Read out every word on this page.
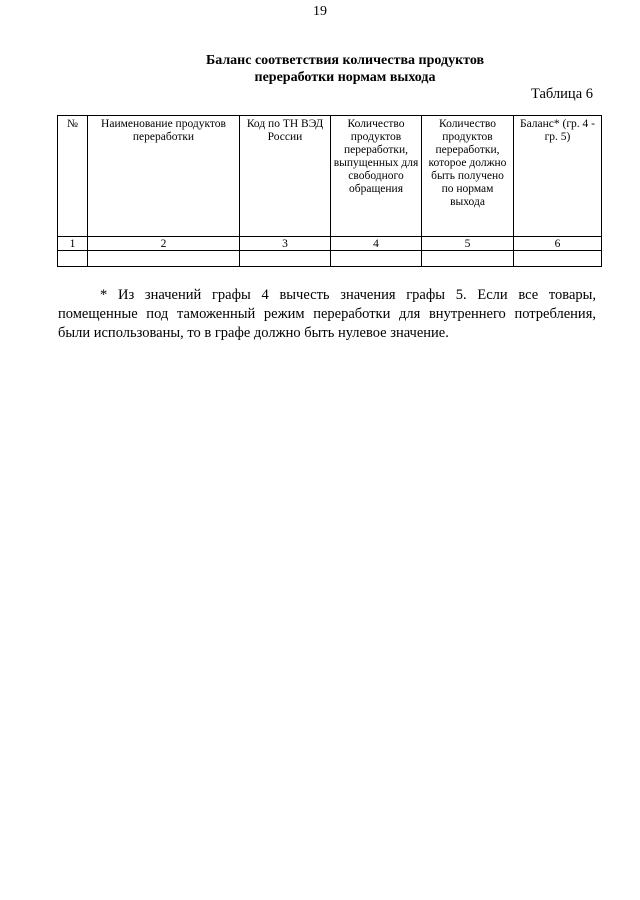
19
Баланс соответствия количества продуктов
переработки нормам выхода
Таблица 6
№	Наименование продуктов переработки	Код по ТН ВЭД России	Количество продуктов переработки, выпущенных для свободного обращения	Количество продуктов переработки, которое должно быть получено по нормам выхода	Баланс* (гр. 4 - гр. 5)
1	2	3	4	5	6

* Из значений графы 4 вычесть значения графы 5. Если все товары, помещенные под таможенный режим переработки для внутреннего потребления, были использованы, то в графе должно быть нулевое значение.
